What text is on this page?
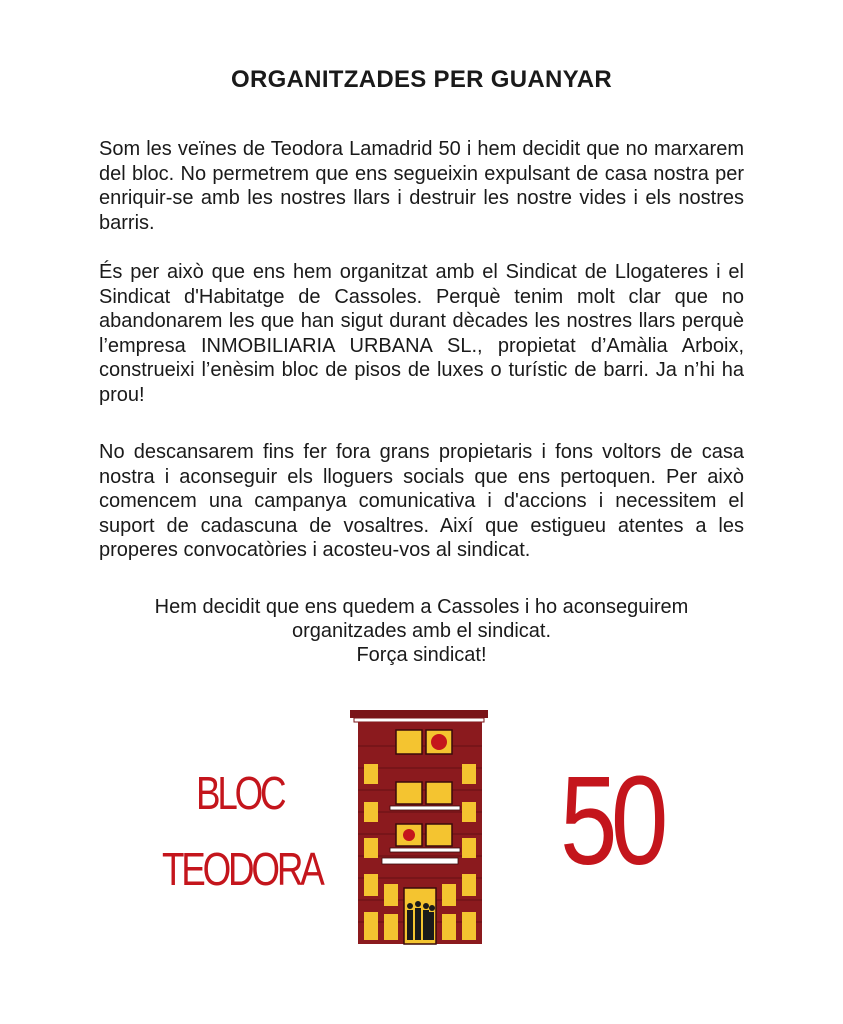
ORGANITZADES PER GUANYAR

Som les veïnes de Teodora Lamadrid 50 i hem decidit que no marxarem del bloc. No permetrem que ens segueixin expulsant de casa nostra per enriquir-se amb les nostres llars i destruir les nostre vides i els nostres barris.

És per això que ens hem organitzat amb el Sindicat de Llogateres i el Sindicat d'Habitatge de Cassoles. Perquè tenim molt clar que no abandonarem les que han sigut durant dècades les nostres llars perquè l’empresa INMOBILIARIA URBANA SL., propietat d’Amàlia Arboix, construeixi l’enèsim bloc de pisos de luxes o turístic de barri. Ja n’hi ha prou!

No descansarem fins fer fora grans propietaris i fons voltors de casa nostra i aconseguir els lloguers socials que ens pertoquen. Per això comencem una campanya comunicativa i d'accions i necessitem el suport de cadascuna de vosaltres. Així que estigueu atentes a les properes convocatòries i acosteu-vos al sindicat.

Hem decidit que ens quedem a Cassoles i ho aconseguirem
organitzades amb el sindicat.
Força sindicat!
BLOC
TEODORA 50
